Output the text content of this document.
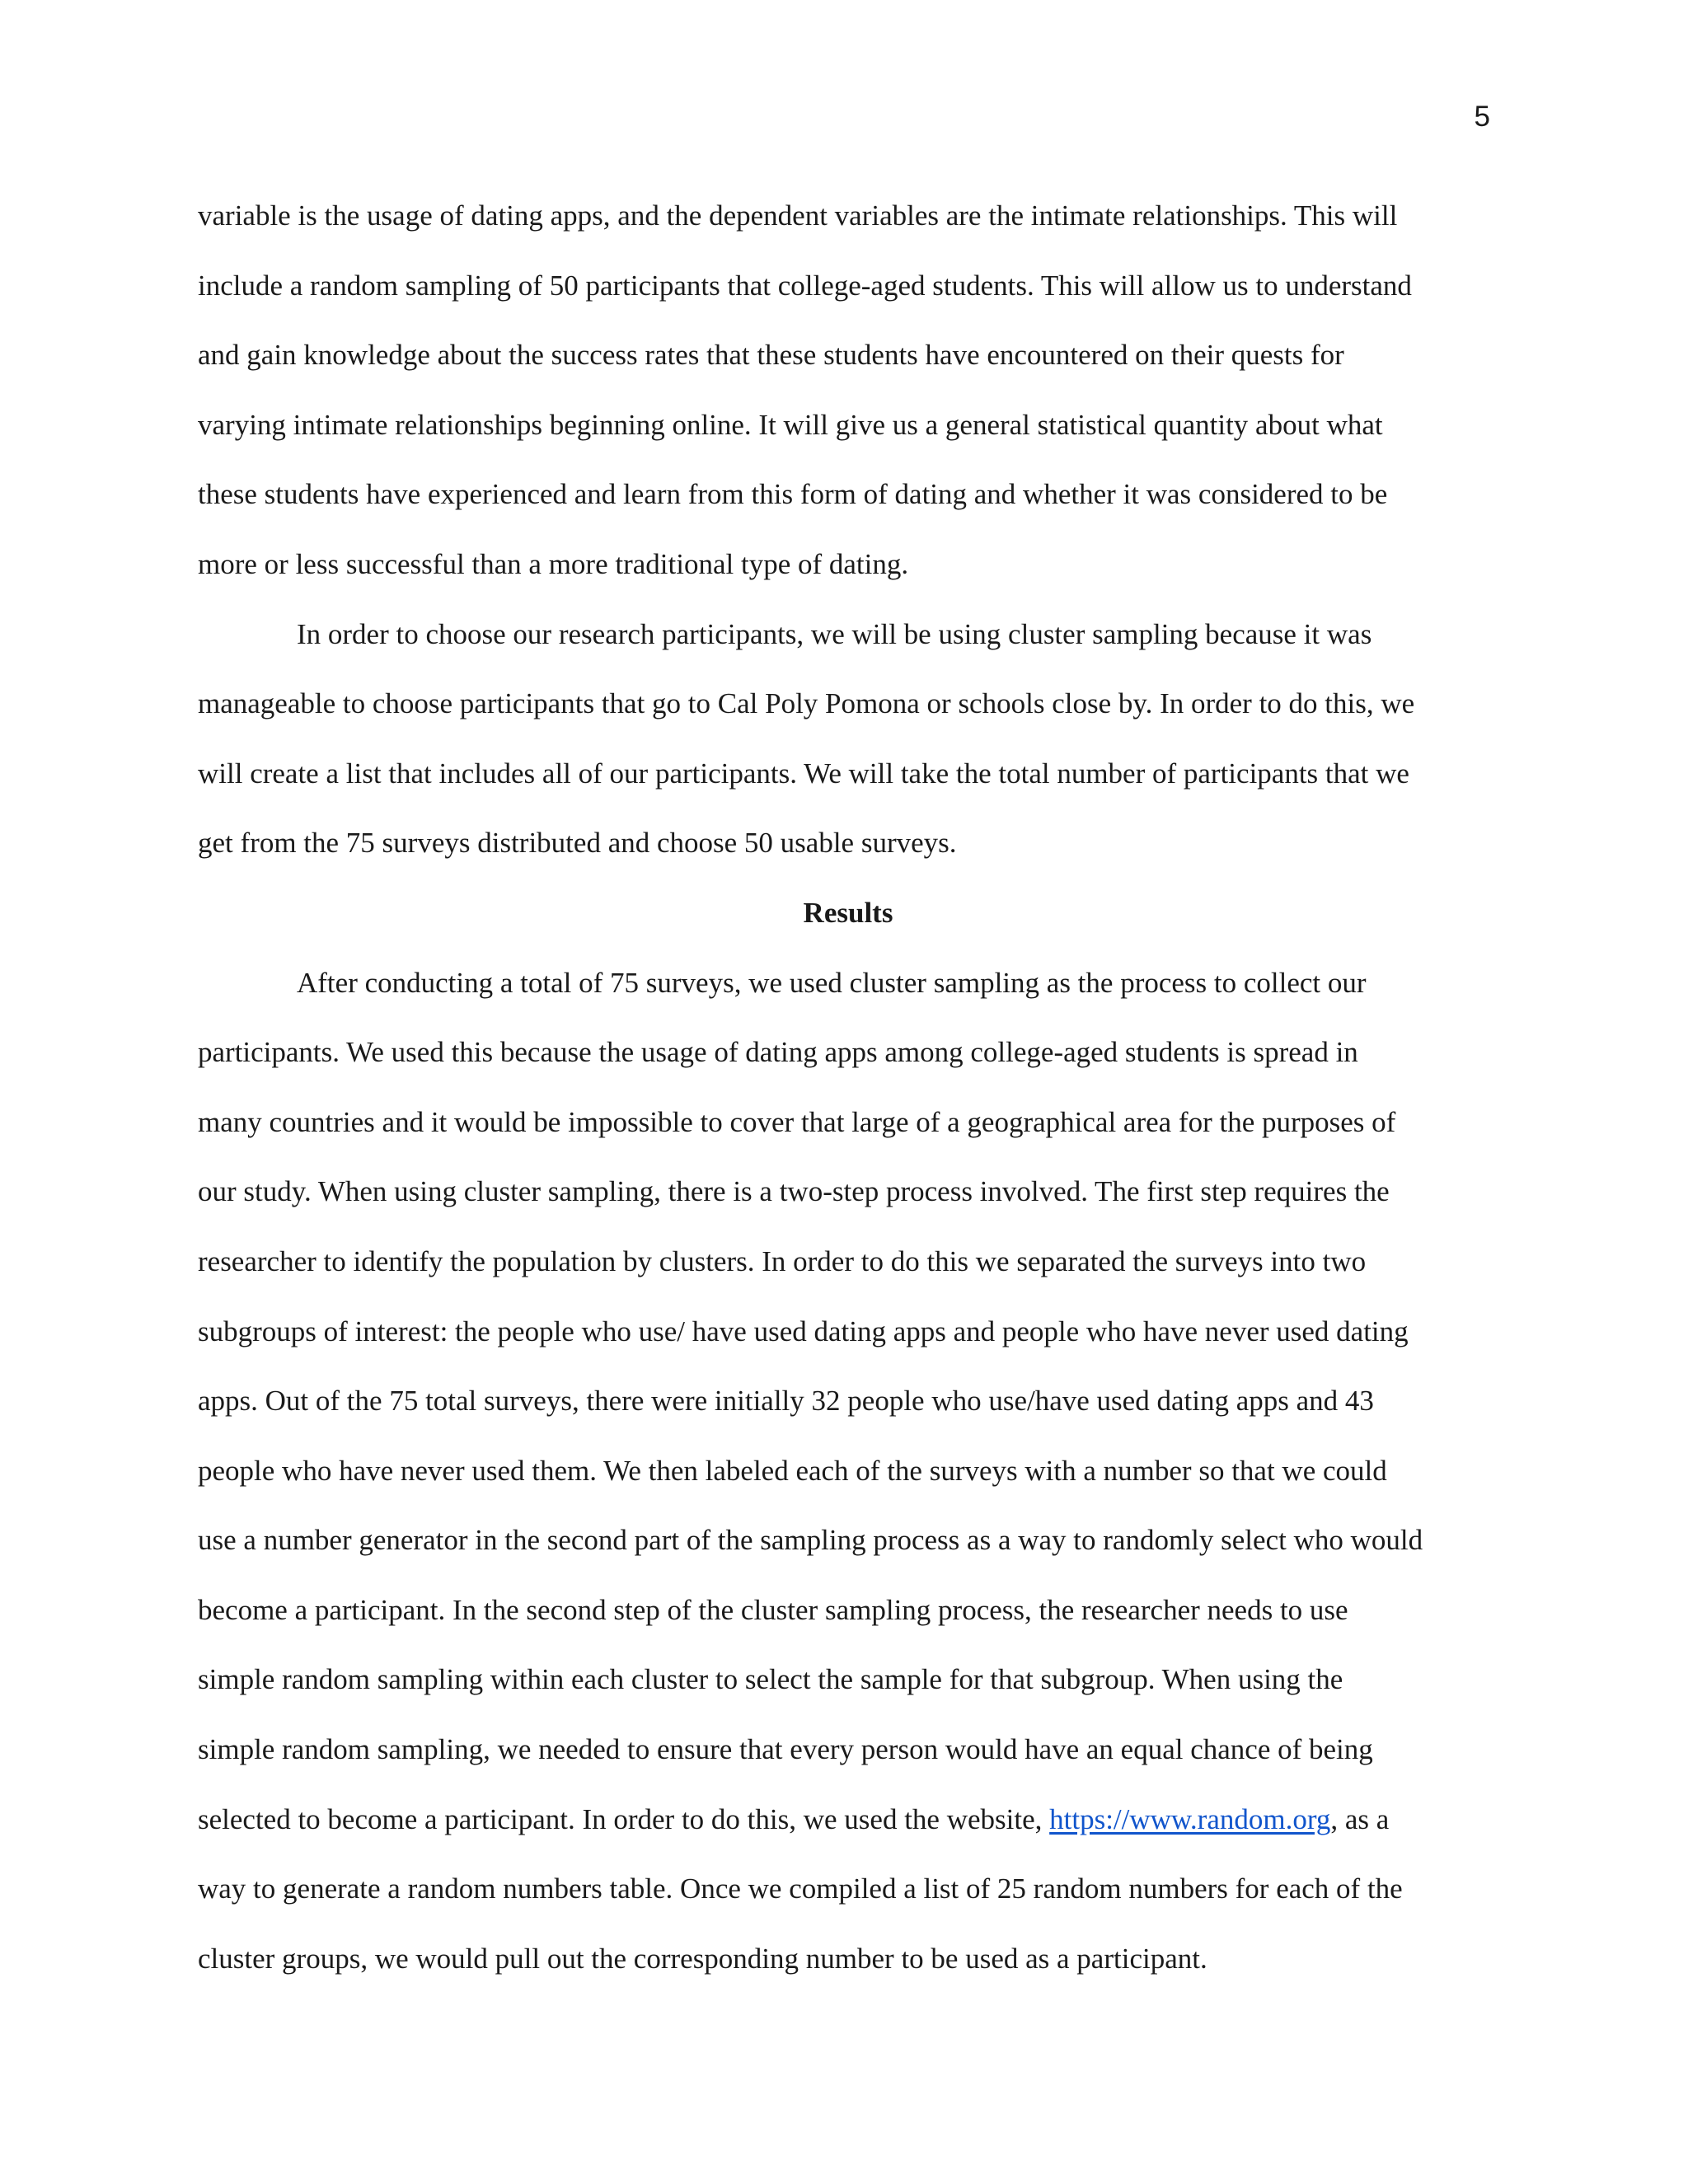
5
variable is the usage of dating apps, and the dependent variables are the intimate relationships. This will
include a random sampling of 50 participants that college-aged students. This will allow us to understand
and gain knowledge about the success rates that these students have encountered on their quests for
varying intimate relationships beginning online. It will give us a general statistical quantity about what
these students have experienced and learn from this form of dating and whether it was considered to be
more or less successful than a more traditional type of dating.
In order to choose our research participants, we will be using cluster sampling because it was
manageable to choose participants that go to Cal Poly Pomona or schools close by. In order to do this, we
will create a list that includes all of our participants. We will take the total number of participants that we
get from the 75 surveys distributed and choose 50 usable surveys.
Results
After conducting a total of 75 surveys, we used cluster sampling as the process to collect our
participants. We used this because the usage of dating apps among college-aged students is spread in
many countries and it would be impossible to cover that large of a geographical area for the purposes of
our study. When using cluster sampling, there is a two-step process involved. The first step requires the
researcher to identify the population by clusters. In order to do this we separated the surveys into two
subgroups of interest: the people who use/ have used dating apps and people who have never used dating
apps. Out of the 75 total surveys, there were initially 32 people who use/have used dating apps and 43
people who have never used them. We then labeled each of the surveys with a number so that we could
use a number generator in the second part of the sampling process as a way to randomly select who would
become a participant. In the second step of the cluster sampling process, the researcher needs to use
simple random sampling within each cluster to select the sample for that subgroup. When using the
simple random sampling, we needed to ensure that every person would have an equal chance of being
selected to become a participant. In order to do this, we used the website, https://www.random.org, as a
way to generate a random numbers table. Once we compiled a list of 25 random numbers for each of the
cluster groups, we would pull out the corresponding number to be used as a participant.
